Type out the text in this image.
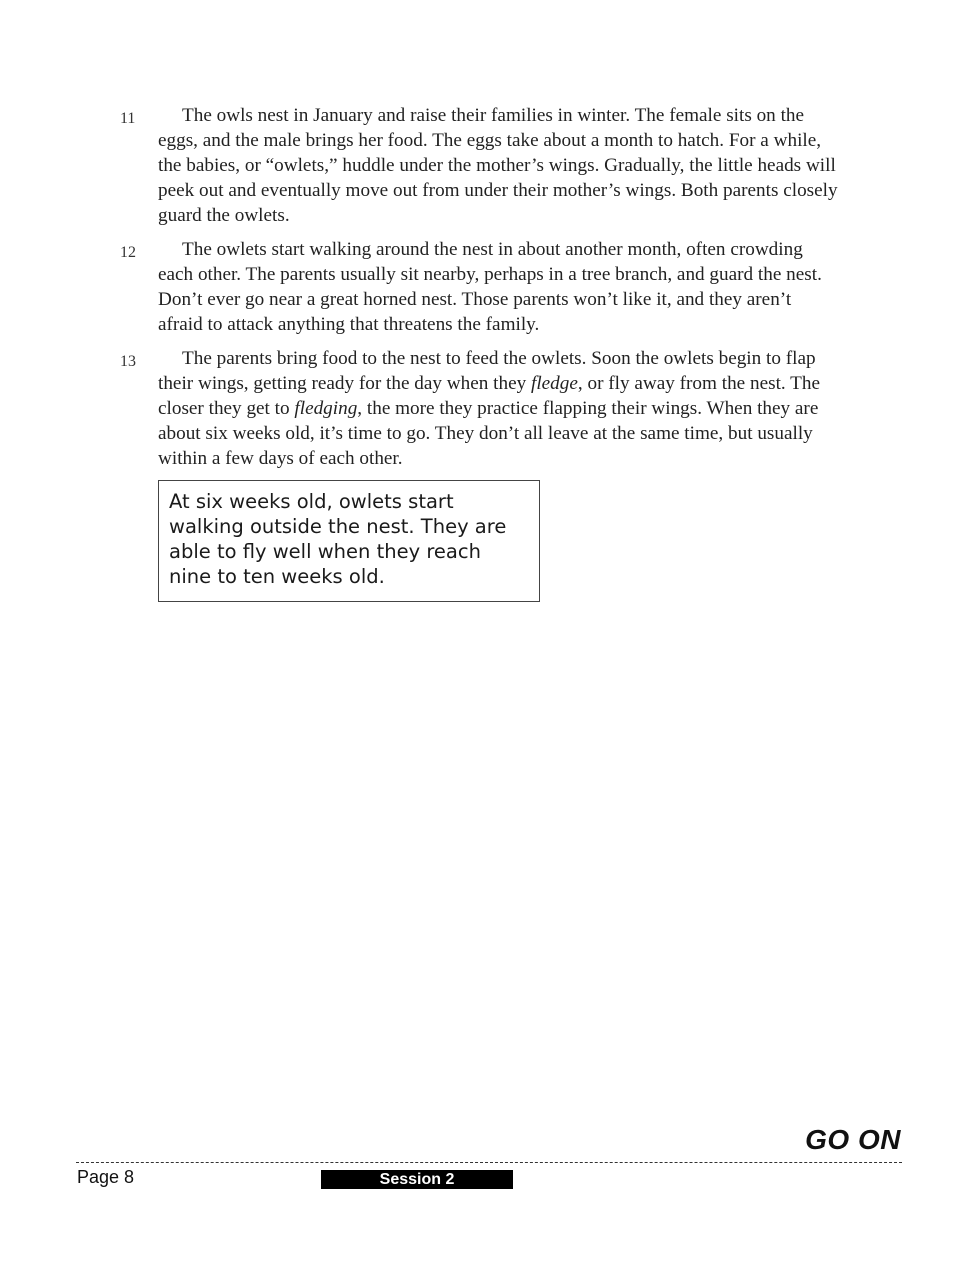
11	The owls nest in January and raise their families in winter. The female sits on the eggs, and the male brings her food. The eggs take about a month to hatch. For a while, the babies, or “owlets,” huddle under the mother’s wings. Gradually, the little heads will peek out and eventually move out from under their mother’s wings. Both parents closely guard the owlets.
12	The owlets start walking around the nest in about another month, often crowding each other. The parents usually sit nearby, perhaps in a tree branch, and guard the nest. Don’t ever go near a great horned nest. Those parents won’t like it, and they aren’t afraid to attack anything that threatens the family.
13	The parents bring food to the nest to feed the owlets. Soon the owlets begin to flap their wings, getting ready for the day when they fledge, or fly away from the nest. The closer they get to fledging, the more they practice flapping their wings. When they are about six weeks old, it’s time to go. They don’t all leave at the same time, but usually within a few days of each other.
At six weeks old, owlets start walking outside the nest. They are able to fly well when they reach nine to ten weeks old.
GO ON
Page 8	Session 2
